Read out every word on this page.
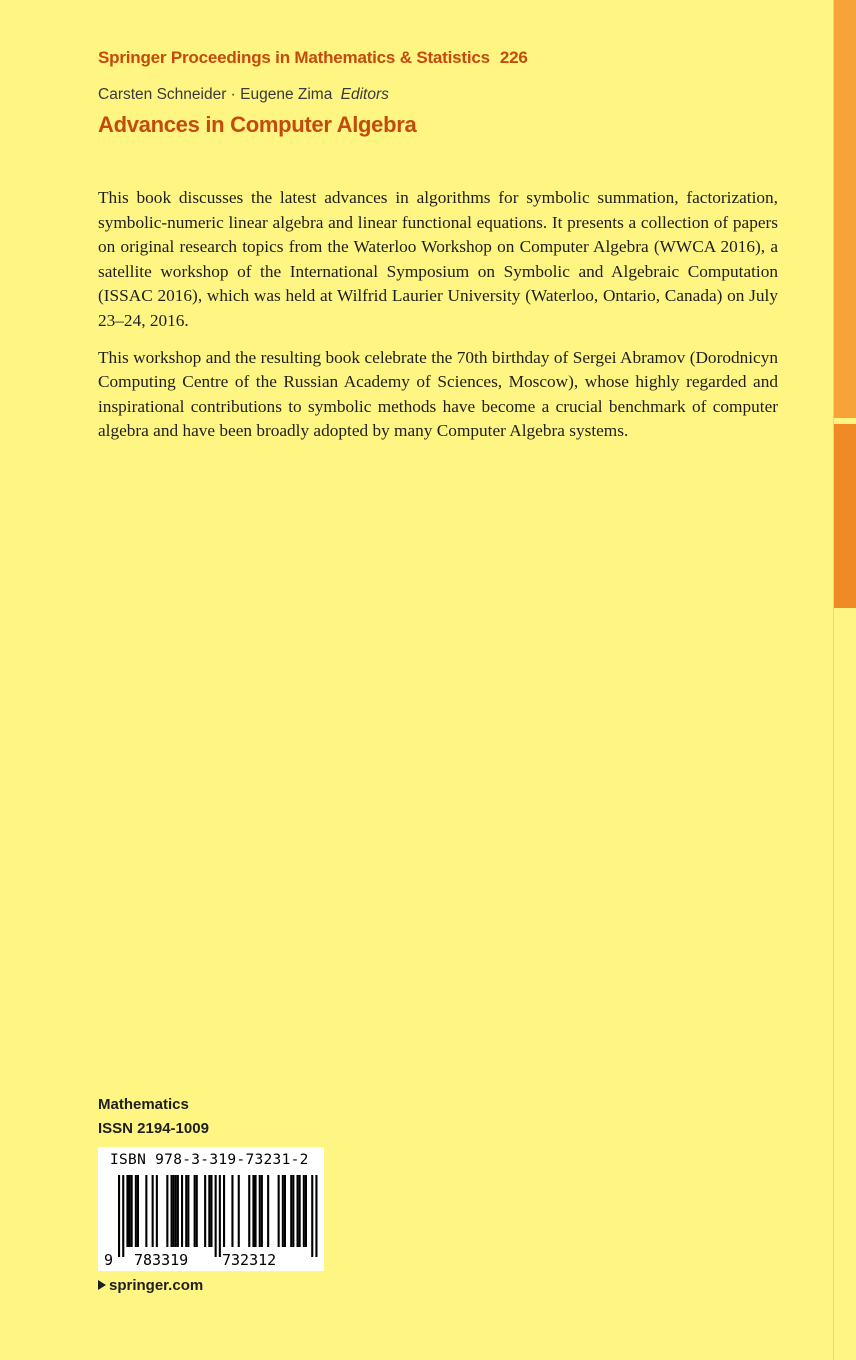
Springer Proceedings in Mathematics & Statistics 226
Carsten Schneider · Eugene Zima Editors
Advances in Computer Algebra

This book discusses the latest advances in algorithms for symbolic summation, factorization, symbolic-numeric linear algebra and linear functional equations. It presents a collection of papers on original research topics from the Waterloo Workshop on Computer Algebra (WWCA 2016), a satellite workshop of the International Symposium on Symbolic and Algebraic Computation (ISSAC 2016), which was held at Wilfrid Laurier University (Waterloo, Ontario, Canada) on July 23–24, 2016.

This workshop and the resulting book celebrate the 70th birthday of Sergei Abramov (Dorodnicyn Computing Centre of the Russian Academy of Sciences, Moscow), whose highly regarded and inspirational contributions to symbolic methods have become a crucial benchmark of computer algebra and have been broadly adopted by many Computer Algebra systems.

Mathematics
ISSN 2194-1009
ISBN 978-3-319-73231-2
9 783319 732312
springer.com
